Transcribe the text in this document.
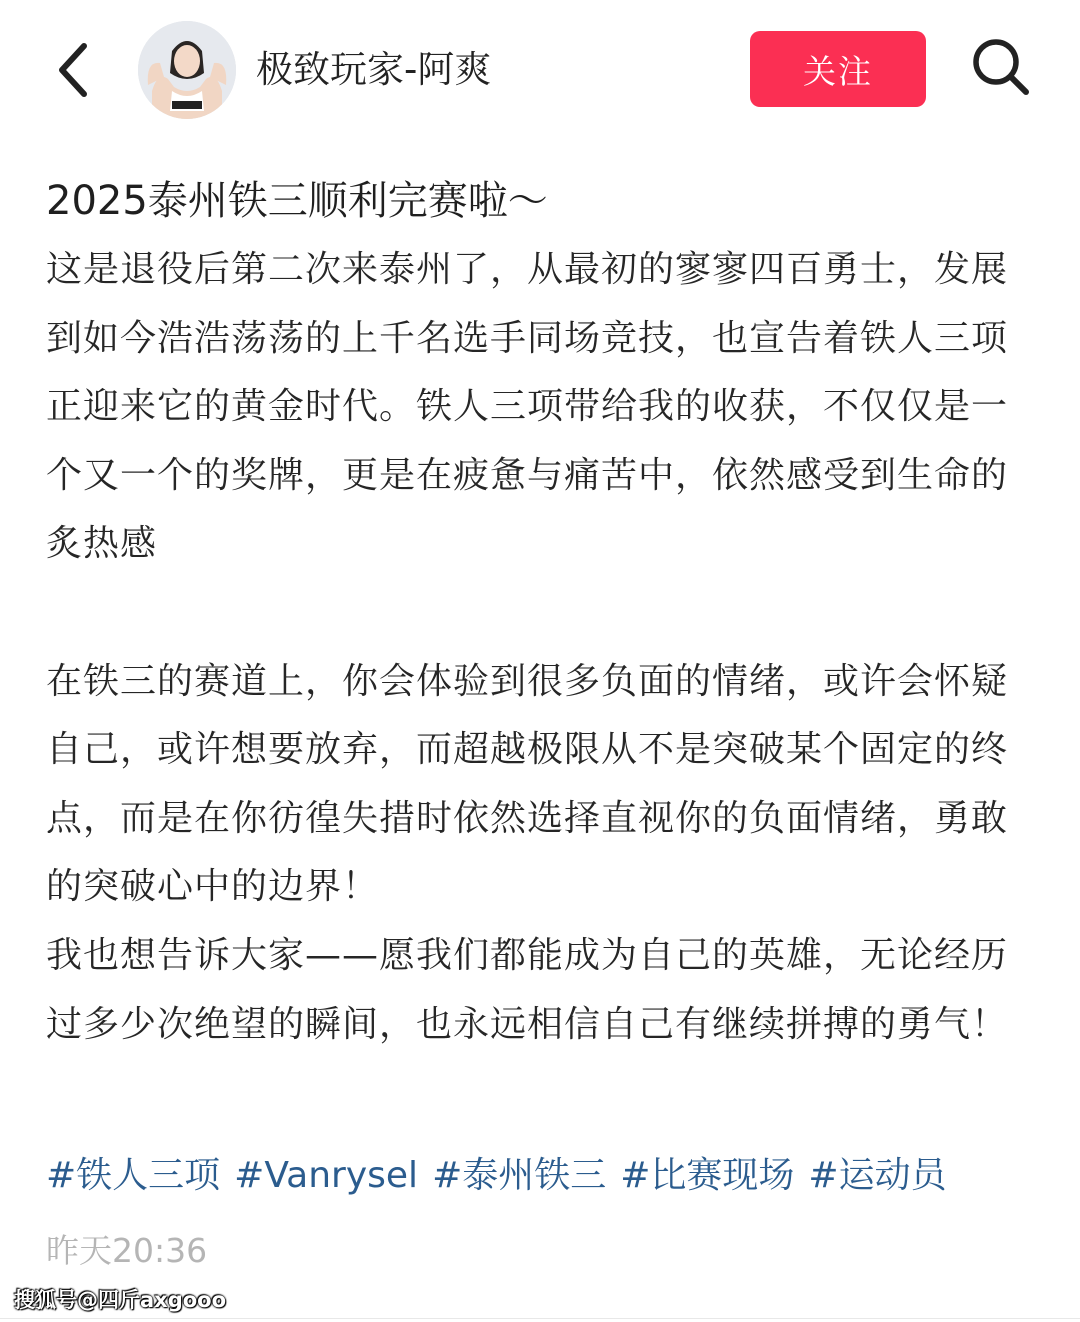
极致玩家-阿爽	关注
2025泰州铁三顺利完赛啦～
这是退役后第二次来泰州了，从最初的寥寥四百勇士，发展到如今浩浩荡荡的上千名选手同场竞技，也宣告着铁人三项正迎来它的黄金时代。铁人三项带给我的收获，不仅仅是一个又一个的奖牌，更是在疲惫与痛苦中，依然感受到生命的炙热感
在铁三的赛道上，你会体验到很多负面的情绪，或许会怀疑自己，或许想要放弃，而超越极限从不是突破某个固定的终点，而是在你彷徨失措时依然选择直视你的负面情绪，勇敢的突破心中的边界！
我也想告诉大家——愿我们都能成为自己的英雄，无论经历过多少次绝望的瞬间，也永远相信自己有继续拼搏的勇气！
#铁人三项 #Vanrysel #泰州铁三 #比赛现场 #运动员
昨天20:36
搜狐号@四斤axgooo
